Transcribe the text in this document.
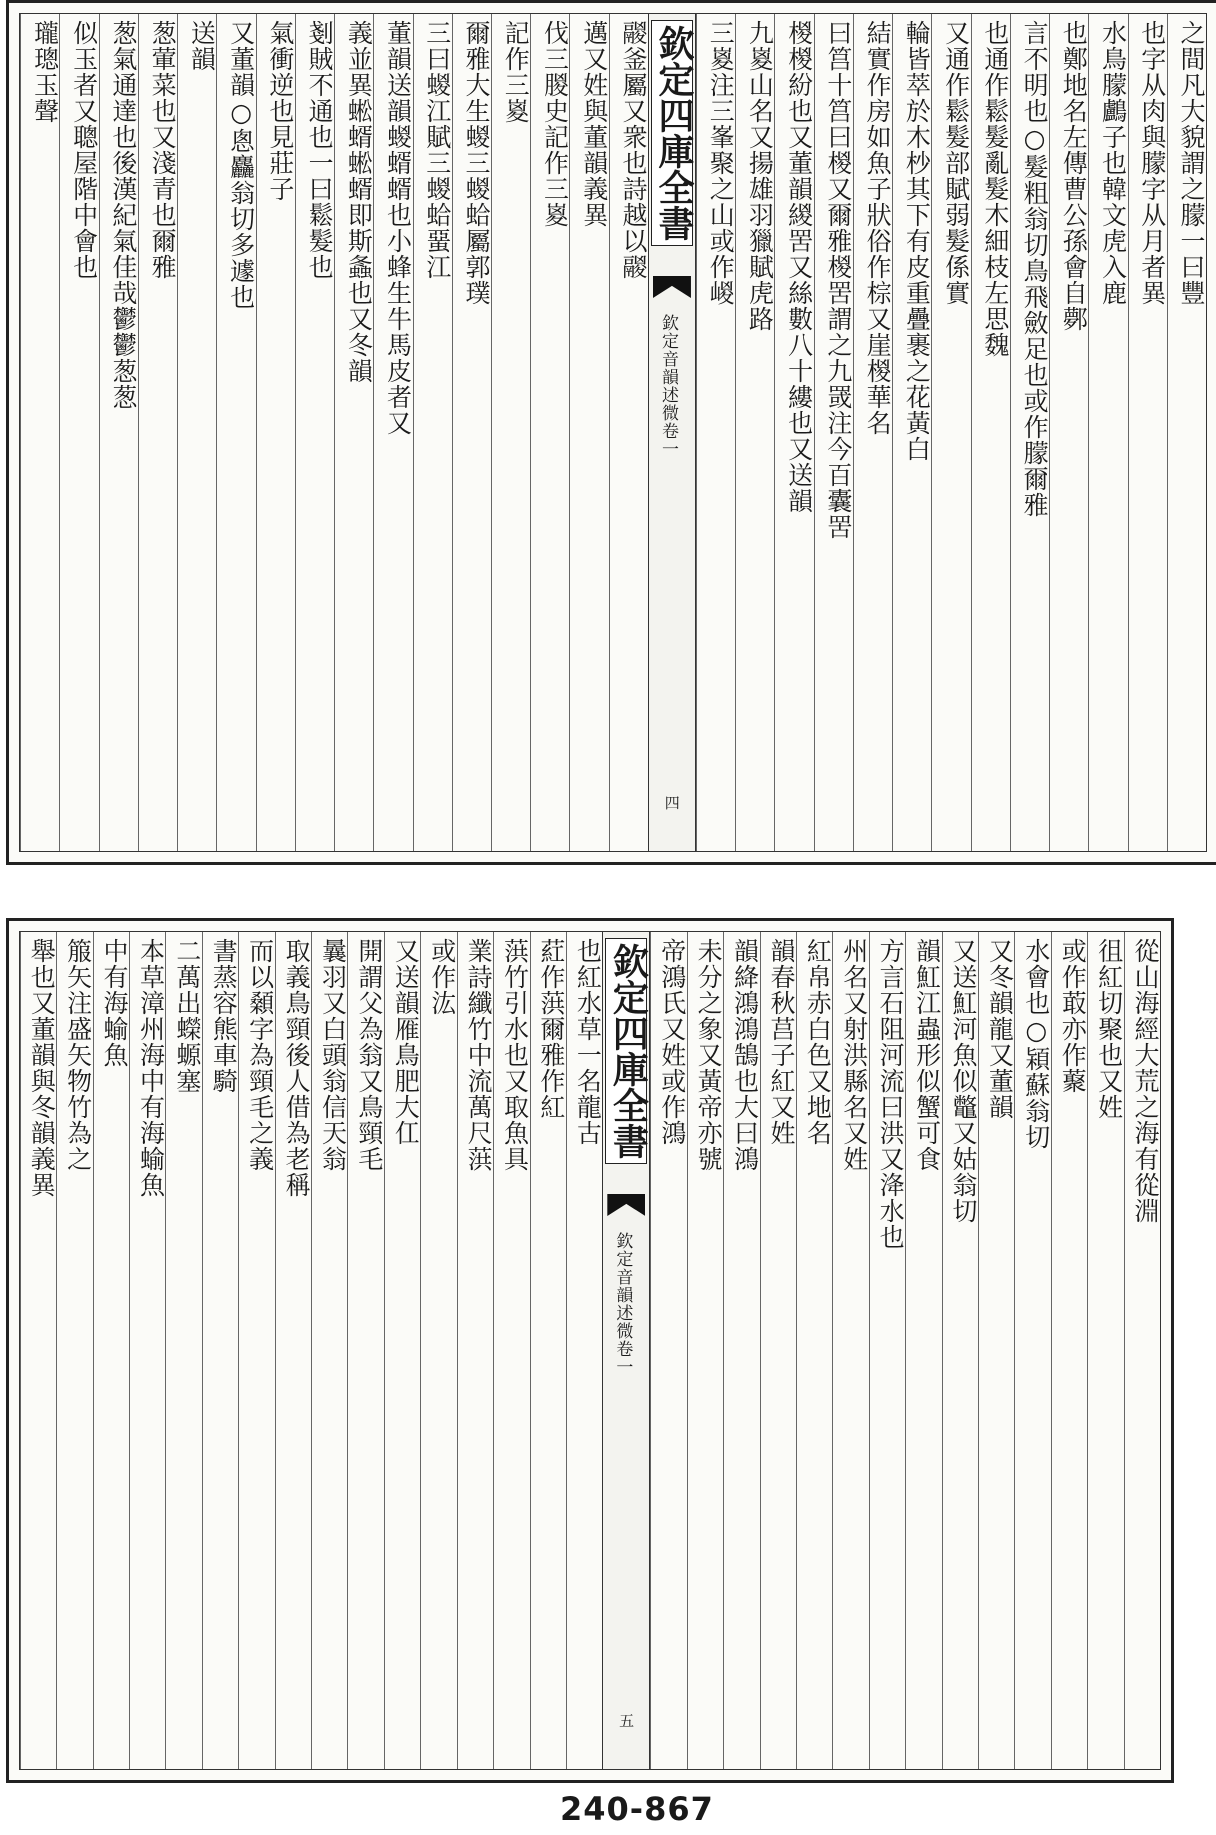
之間凡大貌謂之朦一曰豐
也字从肉與朦字从月者異
水鳥朦鸕子也韓文虎入鹿
也鄭地名左傳曹公孫會自鄸
言不明也○髮粗翁切鳥飛斂足也或作朦爾雅
也通作鬆髮亂髮木細枝左思魏
又通作鬆髮部賦弱髮係實
輪皆萃於木杪其下有皮重疊裹之花黃白
結實作房如魚子狀俗作棕又崖椶華名
曰筥十筥曰椶又爾雅椶罟謂之九罭注今百囊罟
椶椶紛也又董韻緵罟又絲數八十縷也又送韻
九嵏山名又揚雄羽獵賦虎路
三嵏注三峯聚之山或作嵕
欽定四庫全書
欽定音韻述微卷一
四
鬷釜屬又衆也詩越以鬷
邁又姓與董韻義異
伐三朡史記作三嵏
記作三嵏
爾雅大生蝬三蝬蛤屬郭璞
三曰蝬江賦三蝬蛤蝁江
董韻送韻蝬蝑蝑也小蜂生牛馬皮者又
義並異蜙蝑蜙蝑即斯螽也又冬韻
剗賊不通也一曰鬆髮也
氣衝逆也見莊子
又董韻○悤麤翁切多遽也
送韻
葱葷菜也又淺青也爾雅
葱氣通達也後漢紀氣佳哉鬱鬱葱葱
似玉者又聰屋階中會也
瓏璁玉聲
從山海經大荒之海有從淵
徂紅切聚也又姓
或作菆亦作藂
水會也○㯋蘇翁切
又冬韻龍又董韻
又送魟河魚似鼈又姑翁切
韻魟江蟲形似蟹可食
方言石阻河流曰洪又洚水也
州名又射洪縣名又姓
紅帛赤白色又地名
韻春秋莒子紅又姓
韻絳鴻鴻鵠也大曰鴻
未分之象又黃帝亦號
帝鴻氏又姓或作鴻
欽定四庫全書
欽定音韻述微卷一
五
也紅水草一名龍古
葒作葓爾雅作紅
葓竹引水也又取魚具
業詩纖竹中流萬尺葓
或作汯
又送韻雁鳥肥大仜
開謂父為翁又鳥頸毛
曩羽又白頭翁信天翁
取義鳥頸後人借為老稱
而以顙字為頸毛之義
書蒸容熊車騎
二萬出蠑螈塞
本草漳州海中有海蝓魚
中有海蝓魚
箙矢注盛矢物竹為之
舉也又董韻與冬韻義異
240-867
